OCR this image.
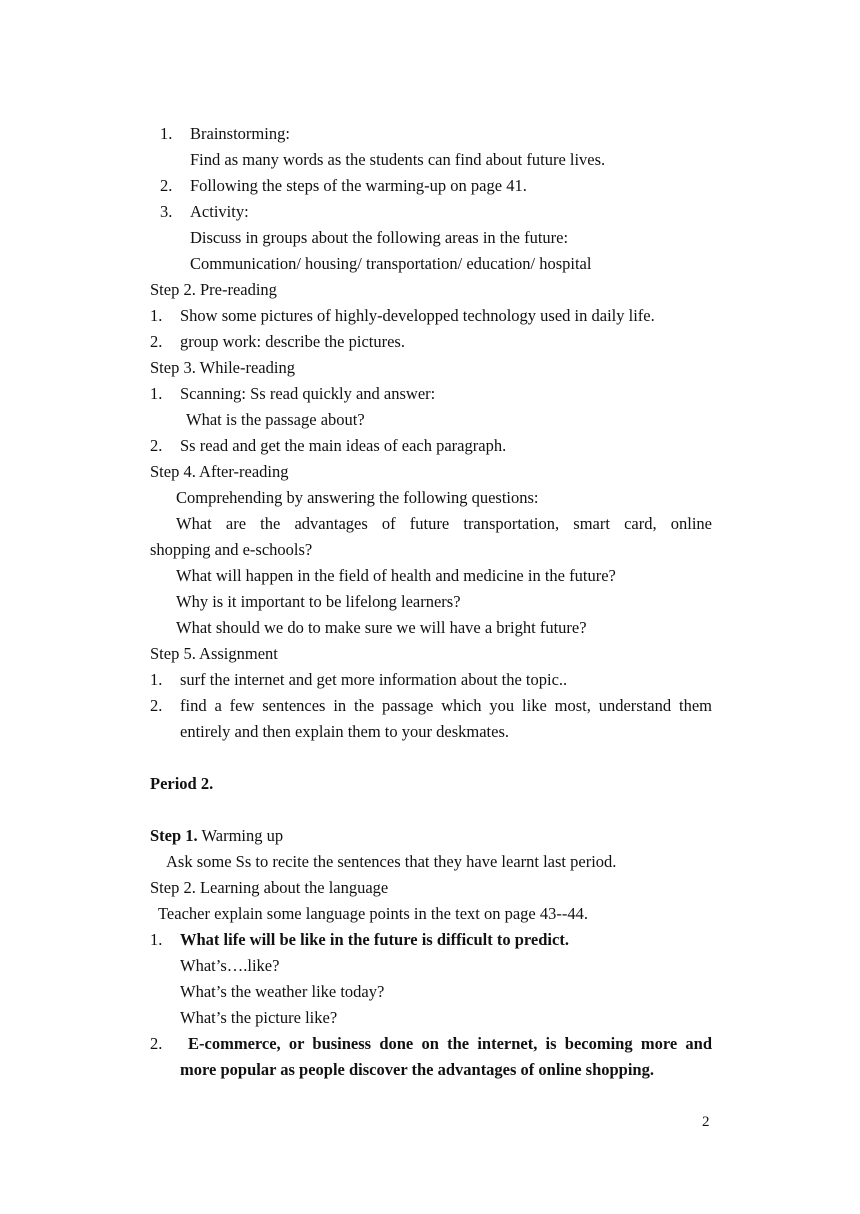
1. Brainstorming:
Find as many words as the students can find about future lives.
2. Following the steps of the warming-up on page 41.
3. Activity:
Discuss in groups about the following areas in the future:
Communication/ housing/ transportation/ education/ hospital
Step 2. Pre-reading
1. Show some pictures of highly-developped technology used in daily life.
2. group work: describe the pictures.
Step 3. While-reading
1. Scanning: Ss read quickly and answer:
What is the passage about?
2. Ss read and get the main ideas of each paragraph.
Step 4. After-reading
Comprehending by answering the following questions:
What are the advantages of future transportation, smart card, online
shopping and e-schools?
What will happen in the field of health and medicine in the future?
Why is it important to be lifelong learners?
What should we do to make sure we will have a bright future?
Step 5. Assignment
1. surf the internet and get more information about the topic..
2. find a few sentences in the passage which you like most, understand them
entirely and then explain them to your deskmates.
Period 2.
Step 1. Warming up
Ask some Ss to recite the sentences that they have learnt last period.
Step 2. Learning about the language
Teacher explain some language points in the text on page 43--44.
1. What life will be like in the future is difficult to predict.
What’s….like?
What’s the weather like today?
What’s the picture like?
2. E-commerce, or business done on the internet, is becoming more and
more popular as people discover the advantages of online shopping.
2
